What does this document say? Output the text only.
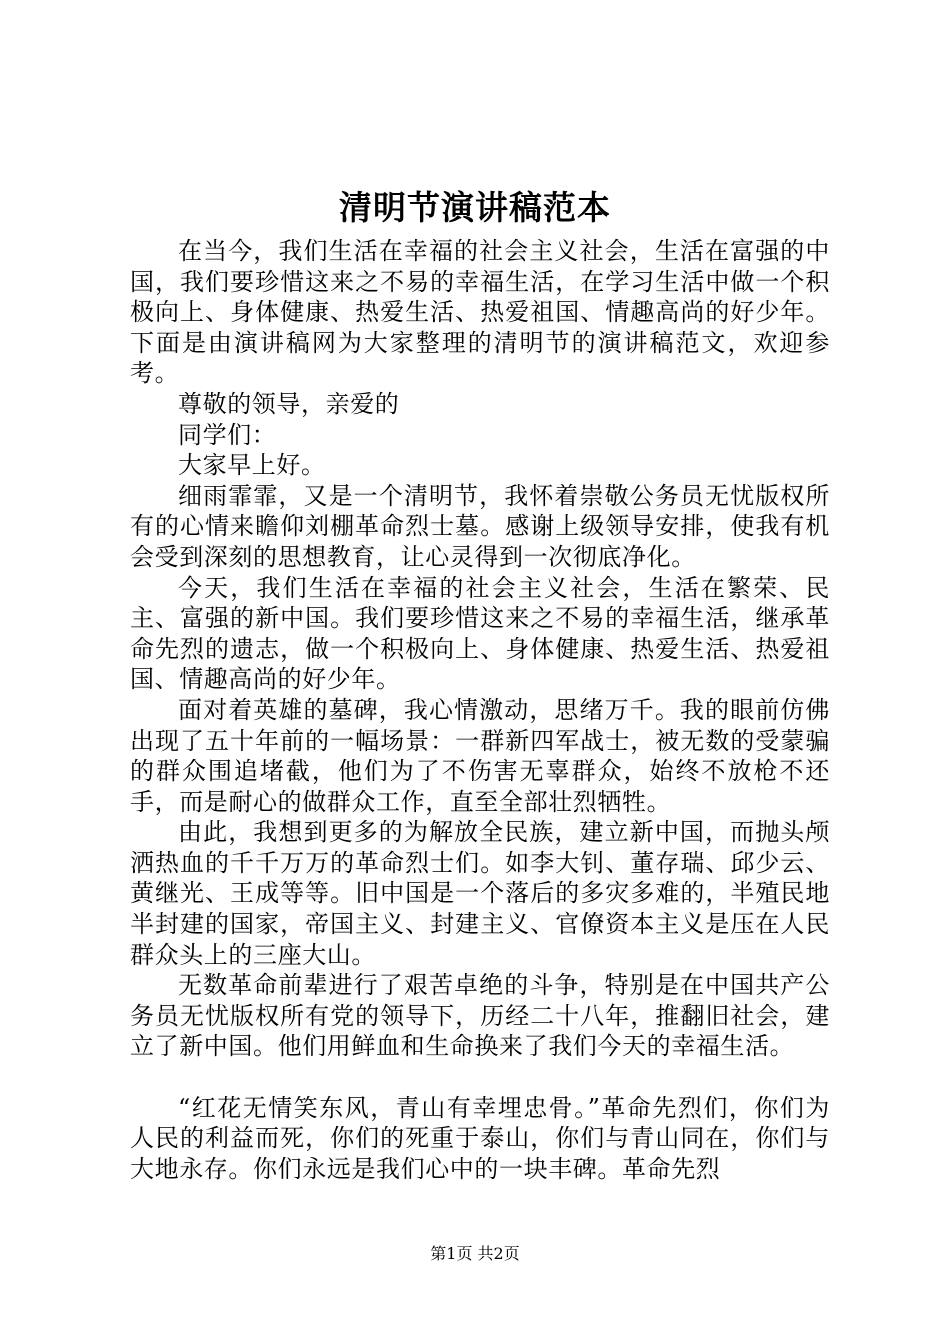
清明节演讲稿范本

在当今，我们生活在幸福的社会主义社会，生活在富强的中国，我们要珍惜这来之不易的幸福生活，在学习生活中做一个积极向上、身体健康、热爱生活、热爱祖国、情趣高尚的好少年。下面是由演讲稿网为大家整理的清明节的演讲稿范文，欢迎参考。

尊敬的领导，亲爱的

同学们：

大家早上好。

细雨霏霏，又是一个清明节，我怀着崇敬公务员无忧版权所有的心情来瞻仰刘棚革命烈士墓。感谢上级领导安排，使我有机会受到深刻的思想教育，让心灵得到一次彻底净化。

今天，我们生活在幸福的社会主义社会，生活在繁荣、民主、富强的新中国。我们要珍惜这来之不易的幸福生活，继承革命先烈的遗志，做一个积极向上、身体健康、热爱生活、热爱祖国、情趣高尚的好少年。

面对着英雄的墓碑，我心情激动，思绪万千。我的眼前仿佛出现了五十年前的一幅场景：一群新四军战士，被无数的受蒙骗的群众围追堵截，他们为了不伤害无辜群众，始终不放枪不还手，而是耐心的做群众工作，直至全部壮烈牺牲。

由此，我想到更多的为解放全民族，建立新中国，而抛头颅洒热血的千千万万的革命烈士们。如李大钊、董存瑞、邱少云、黄继光、王成等等。旧中国是一个落后的多灾多难的，半殖民地半封建的国家，帝国主义、封建主义、官僚资本主义是压在人民群众头上的三座大山。

无数革命前辈进行了艰苦卓绝的斗争，特别是在中国共产公务员无忧版权所有党的领导下，历经二十八年，推翻旧社会，建立了新中国。他们用鲜血和生命换来了我们今天的幸福生活。

“红花无情笑东风，青山有幸埋忠骨。”革命先烈们，你们为人民的利益而死，你们的死重于泰山，你们与青山同在，你们与大地永存。你们永远是我们心中的一块丰碑。革命先烈

第1页 共2页
